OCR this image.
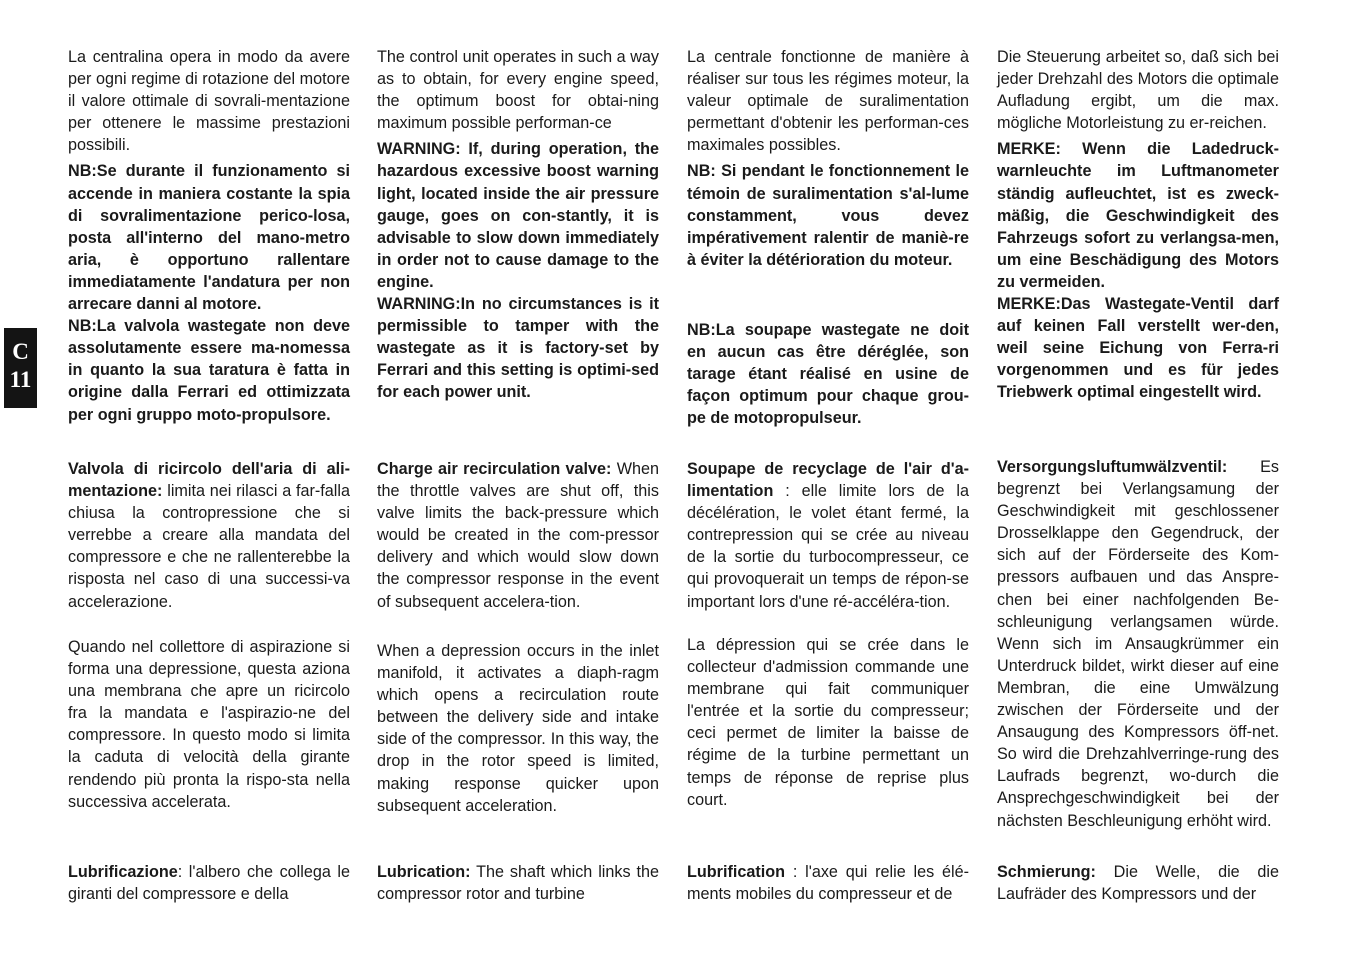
C
11

La centralina opera in modo da avere per ogni regime di rotazione del motore il valore ottimale di sovrali-mentazione per ottenere le massime prestazioni possibili.

NB:Se durante il funzionamento si accende in maniera costante la spia di sovralimentazione perico-losa, posta all'interno del mano-metro aria, è opportuno rallentare immediatamente l'andatura per non arrecare danni al motore.

NB:La valvola wastegate non deve assolutamente essere ma-nomessa in quanto la sua taratura è fatta in origine dalla Ferrari ed ottimizzata per ogni gruppo moto-propulsore.

Valvola di ricircolo dell'aria di ali-mentazione: limita nei rilasci a far-falla chiusa la contropressione che si verrebbe a creare alla mandata del compressore e che ne rallenterebbe la risposta nel caso di una successi-va accelerazione.

Quando nel collettore di aspirazione si forma una depressione, questa aziona una membrana che apre un ricircolo fra la mandata e l'aspirazio-ne del compressore. In questo modo si limita la caduta di velocità della girante rendendo più pronta la rispo-sta nella successiva accelerata.

Lubrificazione: l'albero che collega le giranti del compressore e della

The control unit operates in such a way as to obtain, for every engine speed, the optimum boost for obtai-ning maximum possible performan-ce

WARNING: If, during operation, the hazardous excessive boost warning light, located inside the air pressure gauge, goes on con-stantly, it is advisable to slow down immediately in order not to cause damage to the engine.

WARNING:In no circumstances is it permissible to tamper with the wastegate as it is factory-set by Ferrari and this setting is optimi-sed for each power unit.

Charge air recirculation valve: When the throttle valves are shut off, this valve limits the back-pressure which would be created in the com-pressor delivery and which would slow down the compressor response in the event of subsequent accelera-tion.

When a depression occurs in the inlet manifold, it activates a diaph-ragm which opens a recirculation route between the delivery side and intake side of the compressor. In this way, the drop in the rotor speed is limited, making response quicker upon subsequent acceleration.

Lubrication: The shaft which links the compressor rotor and turbine

La centrale fonctionne de manière à réaliser sur tous les régimes moteur, la valeur optimale de suralimentation permettant d'obtenir les performan-ces maximales possibles.

NB: Si pendant le fonctionnement le témoin de suralimentation s'al-lume constamment, vous devez impérativement ralentir de maniè-re à éviter la détérioration du moteur.

NB:La soupape wastegate ne doit en aucun cas être déréglée, son tarage étant réalisé en usine de façon optimum pour chaque grou-pe de motopropulseur.

Soupape de recyclage de l'air d'a-limentation : elle limite lors de la décélération, le volet étant fermé, la contrepression qui se crée au niveau de la sortie du turbocompresseur, ce qui provoquerait un temps de répon-se important lors d'une ré-accéléra-tion.

La dépression qui se crée dans le collecteur d'admission commande une membrane qui fait communiquer l'entrée et la sortie du compresseur; ceci permet de limiter la baisse de régime de la turbine permettant un temps de réponse de reprise plus court.

Lubrification : l'axe qui relie les élé-ments mobiles du compresseur et de

Die Steuerung arbeitet so, daß sich bei jeder Drehzahl des Motors die optimale Aufladung ergibt, um die max. mögliche Motorleistung zu er-reichen.

MERKE: Wenn die Ladedruck-warnleuchte im Luftmanometer ständig aufleuchtet, ist es zweck-mäßig, die Geschwindigkeit des Fahrzeugs sofort zu verlangsa-men, um eine Beschädigung des Motors zu vermeiden.

MERKE:Das Wastegate-Ventil darf auf keinen Fall verstellt wer-den, weil seine Eichung von Ferra-ri vorgenommen und es für jedes Triebwerk optimal eingestellt wird.

Versorgungsluftumwälzventil: Es begrenzt bei Verlangsamung der Geschwindigkeit mit geschlossener Drosselklappe den Gegendruck, der sich auf der Förderseite des Kom-pressors aufbauen und das Anspre-chen bei einer nachfolgenden Be-schleunigung verlangsamen würde. Wenn sich im Ansaugkrümmer ein Unterdruck bildet, wirkt dieser auf eine Membran, die eine Umwälzung zwischen der Förderseite und der Ansaugung des Kompressors öff-net. So wird die Drehzahlverringe-rung des Laufrads begrenzt, wo-durch die Ansprechgeschwindigkeit bei der nächsten Beschleunigung erhöht wird.

Schmierung: Die Welle, die die Laufräder des Kompressors und der
